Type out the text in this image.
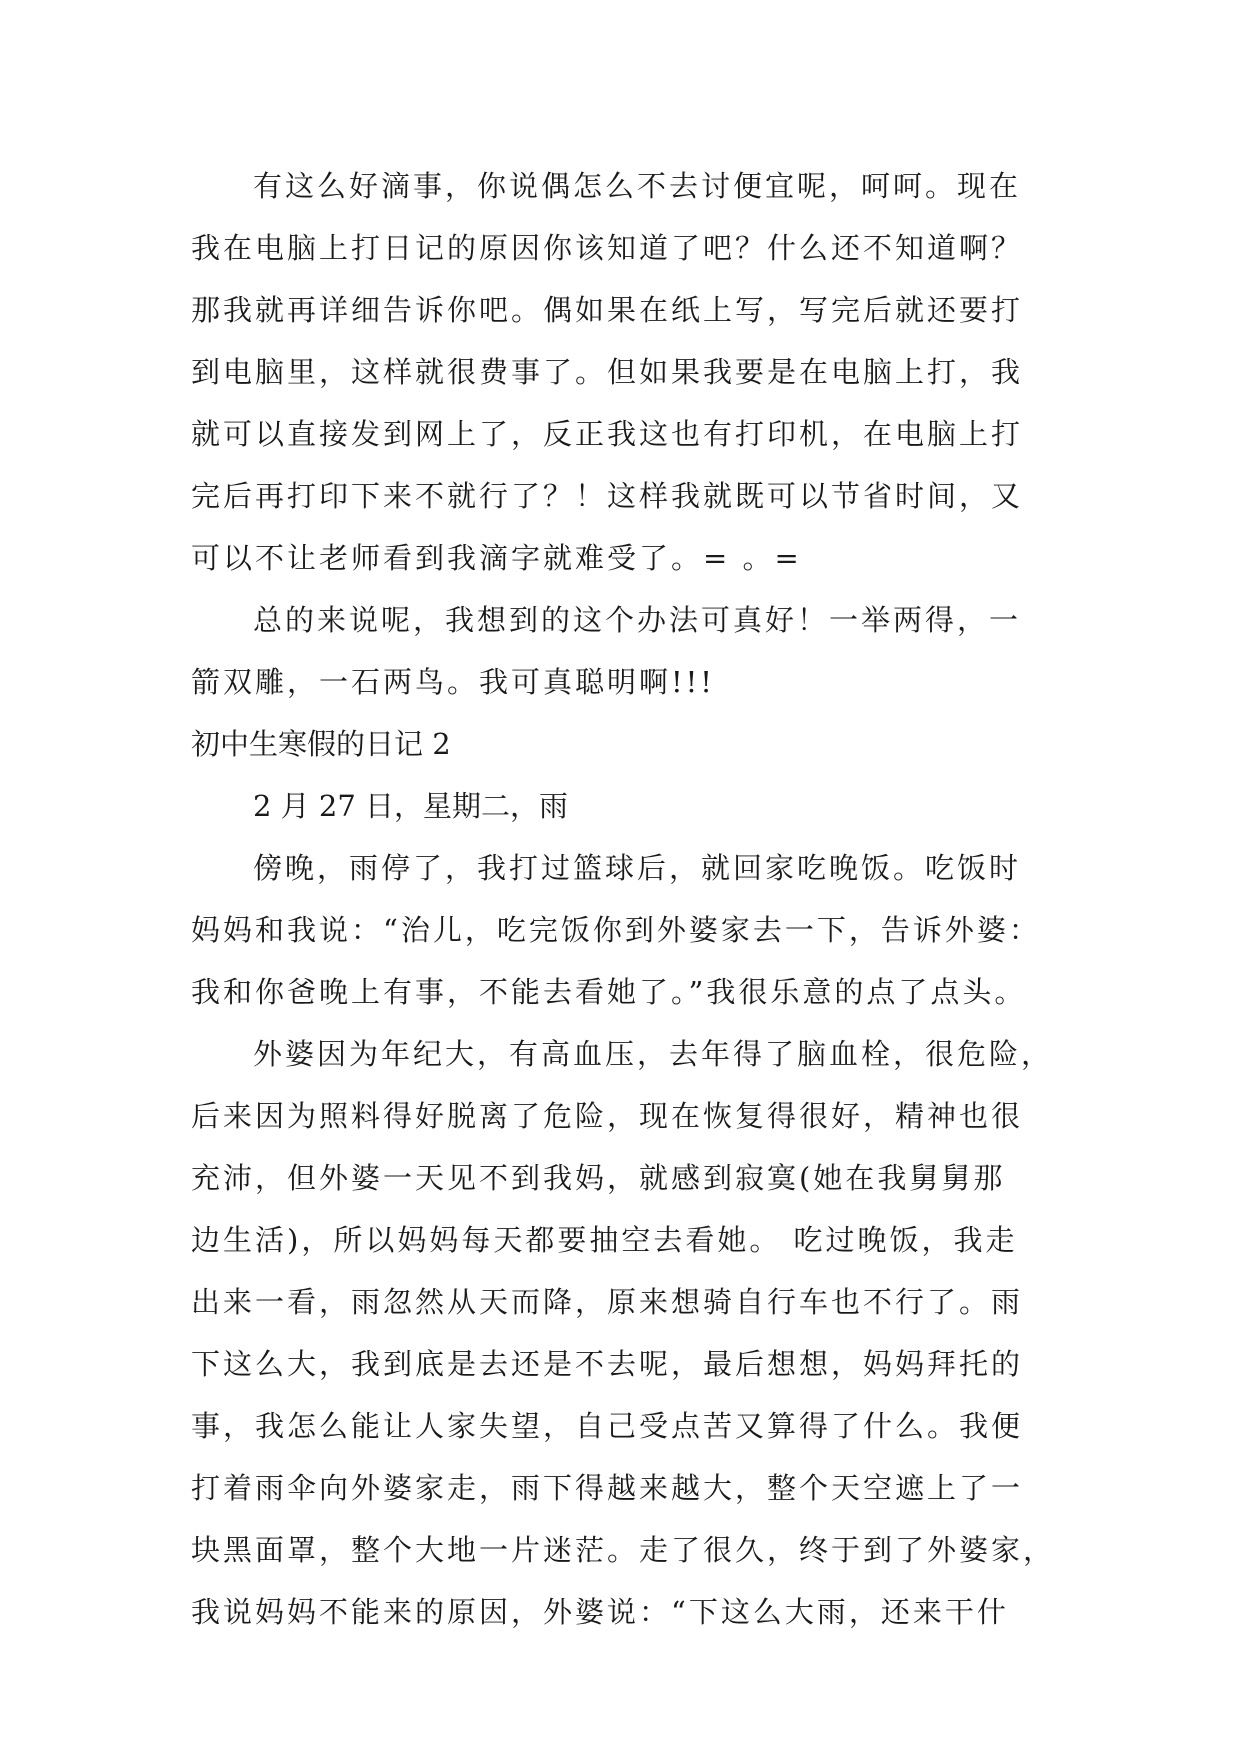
有这么好滴事，你说偶怎么不去讨便宜呢，呵呵。现在
我在电脑上打日记的原因你该知道了吧？什么还不知道啊？
那我就再详细告诉你吧。偶如果在纸上写，写完后就还要打
到电脑里，这样就很费事了。但如果我要是在电脑上打，我
就可以直接发到网上了，反正我这也有打印机，在电脑上打
完后再打印下来不就行了？！这样我就既可以节省时间，又
可以不让老师看到我滴字就难受了。= 。=
总的来说呢，我想到的这个办法可真好！一举两得，一
箭双雕，一石两鸟。我可真聪明啊!!!
初中生寒假的日记 2
2 月 27 日，星期二，雨
傍晚，雨停了，我打过篮球后，就回家吃晚饭。吃饭时
妈妈和我说：“治儿，吃完饭你到外婆家去一下，告诉外婆：
我和你爸晚上有事，不能去看她了。”我很乐意的点了点头。
外婆因为年纪大，有高血压，去年得了脑血栓，很危险，
后来因为照料得好脱离了危险，现在恢复得很好，精神也很
充沛，但外婆一天见不到我妈，就感到寂寞(她在我舅舅那
边生活)，所以妈妈每天都要抽空去看她。 吃过晚饭，我走
出来一看，雨忽然从天而降，原来想骑自行车也不行了。雨
下这么大，我到底是去还是不去呢，最后想想，妈妈拜托的
事，我怎么能让人家失望，自己受点苦又算得了什么。我便
打着雨伞向外婆家走，雨下得越来越大，整个天空遮上了一
块黑面罩，整个大地一片迷茫。走了很久，终于到了外婆家，
我说妈妈不能来的原因，外婆说：“下这么大雨，还来干什
